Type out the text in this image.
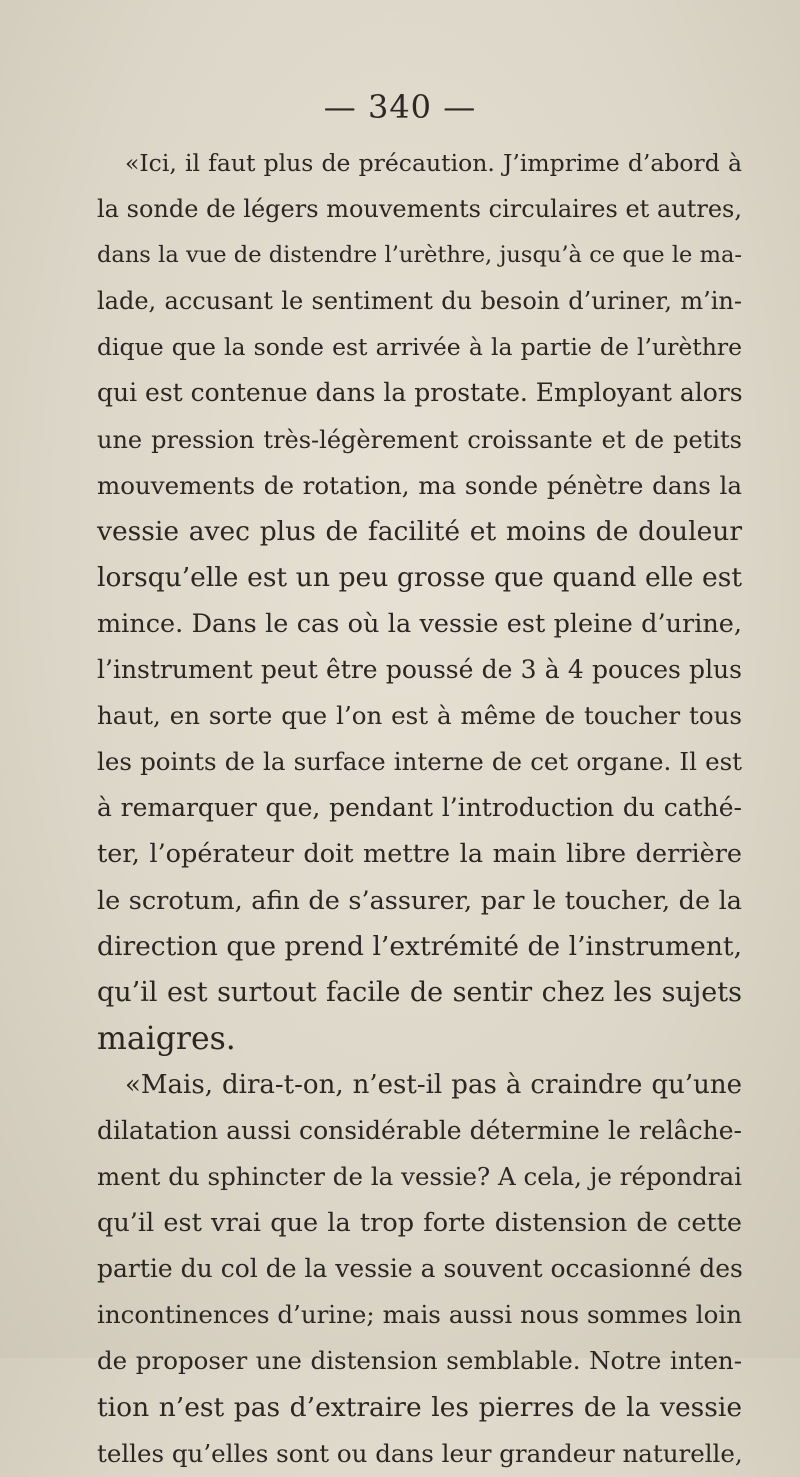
— 340 —
«Ici, il faut plus de précaution. J’imprime d’abord à
la sonde de légers mouvements circulaires et autres,
dans la vue de distendre l’urèthre, jusqu’à ce que le ma-
lade, accusant le sentiment du besoin d’uriner, m’in-
dique que la sonde est arrivée à la partie de l’urèthre
qui est contenue dans la prostate. Employant alors
une pression très-légèrement croissante et de petits
mouvements de rotation, ma sonde pénètre dans la
vessie avec plus de facilité et moins de douleur
lorsqu’elle est un peu grosse que quand elle est
mince. Dans le cas où la vessie est pleine d’urine,
l’instrument peut être poussé de 3 à 4 pouces plus
haut, en sorte que l’on est à même de toucher tous
les points de la surface interne de cet organe. Il est
à remarquer que, pendant l’introduction du cathé-
ter, l’opérateur doit mettre la main libre derrière
le scrotum, afin de s’assurer, par le toucher, de la
direction que prend l’extrémité de l’instrument,
qu’il est surtout facile de sentir chez les sujets
maigres.
«Mais, dira-t-on, n’est-il pas à craindre qu’une
dilatation aussi considérable détermine le relâche-
ment du sphincter de la vessie? A cela, je répondrai
qu’il est vrai que la trop forte distension de cette
partie du col de la vessie a souvent occasionné des
incontinences d’urine; mais aussi nous sommes loin
de proposer une distension semblable. Notre inten-
tion n’est pas d’extraire les pierres de la vessie
telles qu’elles sont ou dans leur grandeur naturelle,
